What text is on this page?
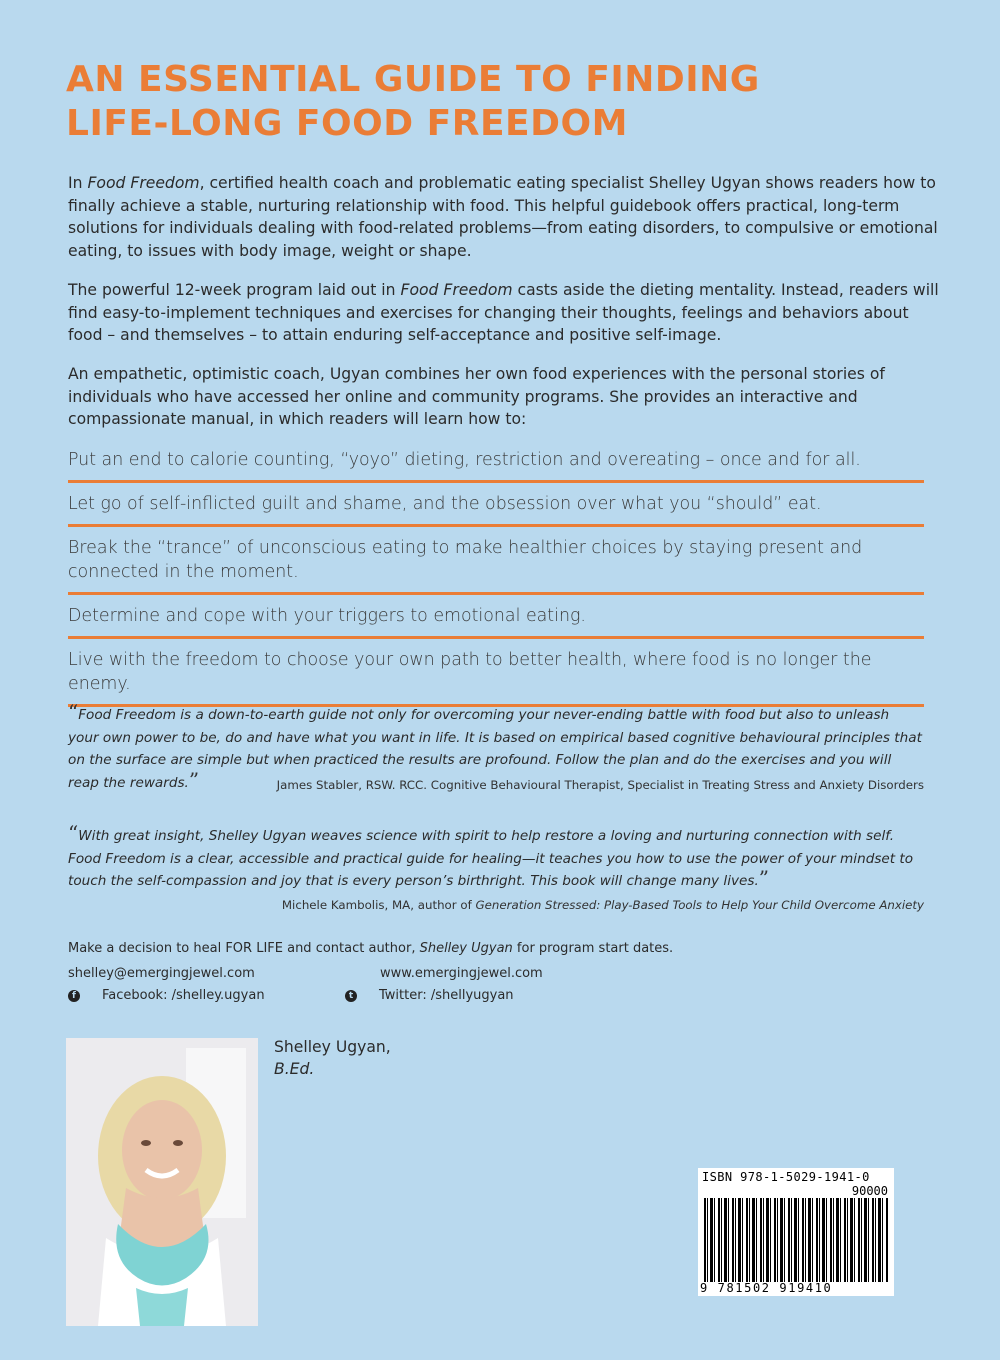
AN ESSENTIAL GUIDE TO FINDING
LIFE-LONG FOOD FREEDOM

In Food Freedom, certified health coach and problematic eating specialist Shelley Ugyan shows readers how to finally achieve a stable, nurturing relationship with food. This helpful guidebook offers practical, long-term solutions for individuals dealing with food-related problems—from eating disorders, to compulsive or emotional eating, to issues with body image, weight or shape.

The powerful 12-week program laid out in Food Freedom casts aside the dieting mentality. Instead, readers will find easy-to-implement techniques and exercises for changing their thoughts, feelings and behaviors about food – and themselves – to attain enduring self-acceptance and positive self-image.

An empathetic, optimistic coach, Ugyan combines her own food experiences with the personal stories of individuals who have accessed her online and community programs. She provides an interactive and compassionate manual, in which readers will learn how to:

Put an end to calorie counting, “yoyo” dieting, restriction and overeating – once and for all.
Let go of self-inflicted guilt and shame, and the obsession over what you “should” eat.
Break the “trance” of unconscious eating to make healthier choices by staying present and connected in the moment.
Determine and cope with your triggers to emotional eating.
Live with the freedom to choose your own path to better health, where food is no longer the enemy.

“Food Freedom is a down-to-earth guide not only for overcoming your never-ending battle with food but also to unleash your own power to be, do and have what you want in life. It is based on empirical based cognitive behavioural principles that on the surface are simple but when practiced the results are profound. Follow the plan and do the exercises and you will reap the rewards.”	James Stabler, RSW. RCC. Cognitive Behavioural Therapist, Specialist in Treating Stress and Anxiety Disorders

“With great insight, Shelley Ugyan weaves science with spirit to help restore a loving and nurturing connection with self. Food Freedom is a clear, accessible and practical guide for healing—it teaches you how to use the power of your mindset to touch the self-compassion and joy that is every person’s birthright. This book will change many lives.”

Michele Kambolis, MA, author of Generation Stressed: Play-Based Tools to Help Your Child Overcome Anxiety
Make a decision to heal FOR LIFE and contact author, Shelley Ugyan for program start dates.
shelley@emergingjewel.com	www.emergingjewel.com
f Facebook: /shelley.ugyan	t Twitter: /shellyugyan
Shelley Ugyan,
B.Ed.
ISBN 978-1-5029-1941-0
90000
9 781502 919410
